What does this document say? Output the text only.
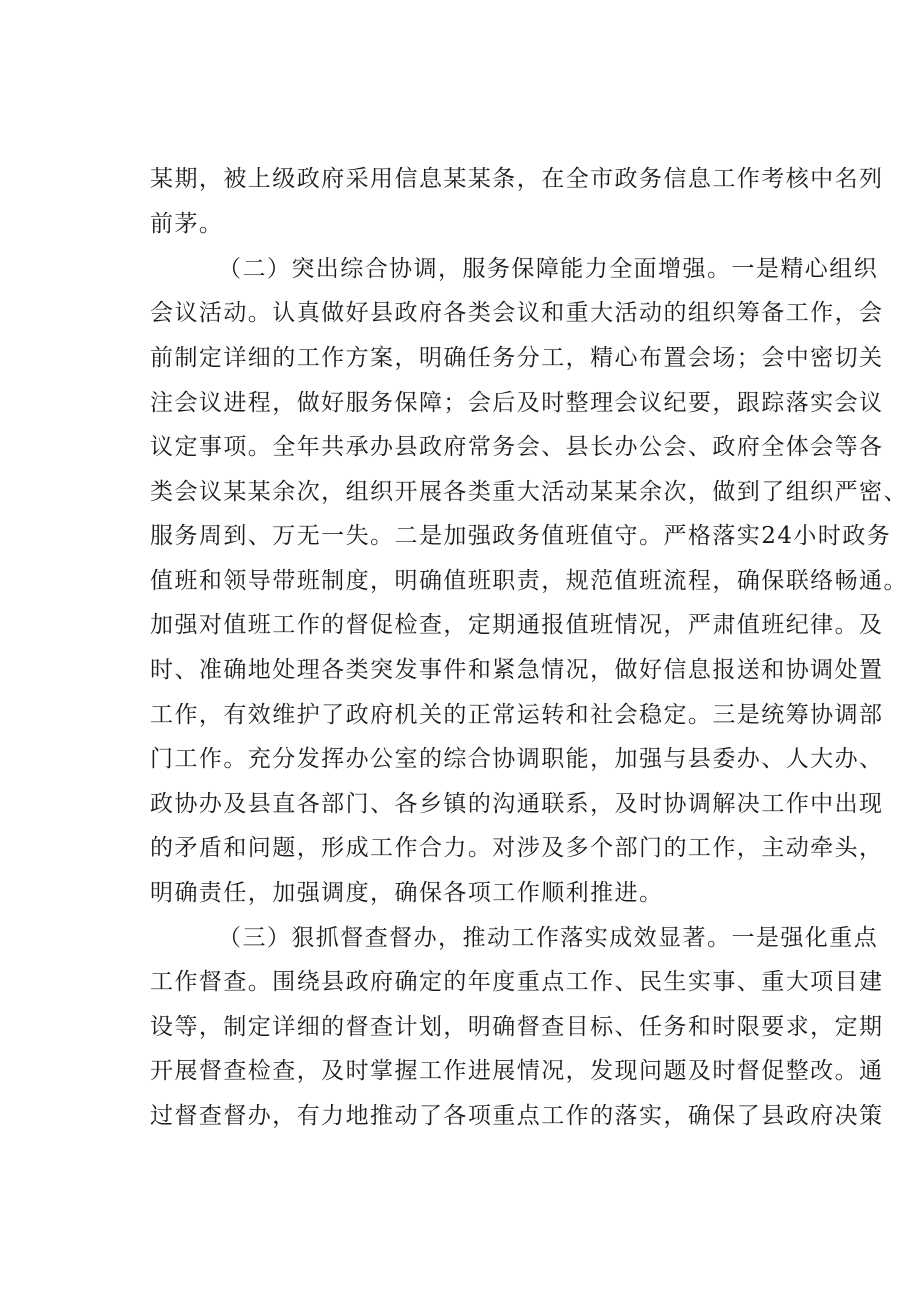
某期，被上级政府采用信息某某条，在全市政务信息工作考核中名列
前茅。
（二）突出综合协调，服务保障能力全面增强。一是精心组织
会议活动。认真做好县政府各类会议和重大活动的组织筹备工作，会
前制定详细的工作方案，明确任务分工，精心布置会场；会中密切关
注会议进程，做好服务保障；会后及时整理会议纪要，跟踪落实会议
议定事项。全年共承办县政府常务会、县长办公会、政府全体会等各
类会议某某余次，组织开展各类重大活动某某余次，做到了组织严密、
服务周到、万无一失。二是加强政务值班值守。严格落实24小时政务
值班和领导带班制度，明确值班职责，规范值班流程，确保联络畅通。
加强对值班工作的督促检查，定期通报值班情况，严肃值班纪律。及
时、准确地处理各类突发事件和紧急情况，做好信息报送和协调处置
工作，有效维护了政府机关的正常运转和社会稳定。三是统筹协调部
门工作。充分发挥办公室的综合协调职能，加强与县委办、人大办、
政协办及县直各部门、各乡镇的沟通联系，及时协调解决工作中出现
的矛盾和问题，形成工作合力。对涉及多个部门的工作，主动牵头，
明确责任，加强调度，确保各项工作顺利推进。
（三）狠抓督查督办，推动工作落实成效显著。一是强化重点
工作督查。围绕县政府确定的年度重点工作、民生实事、重大项目建
设等，制定详细的督查计划，明确督查目标、任务和时限要求，定期
开展督查检查，及时掌握工作进展情况，发现问题及时督促整改。通
过督查督办，有力地推动了各项重点工作的落实，确保了县政府决策
